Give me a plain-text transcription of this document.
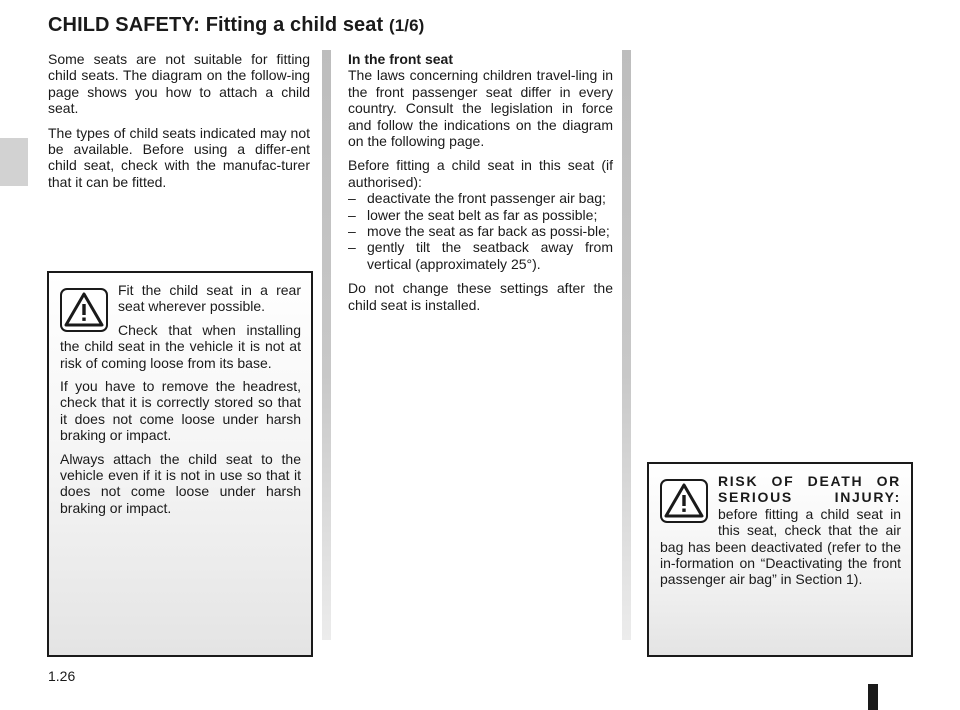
CHILD SAFETY: Fitting a child seat (1/6)

Some seats are not suitable for fitting child seats. The diagram on the follow-ing page shows you how to attach a child seat.

The types of child seats indicated may not be available. Before using a differ-ent child seat, check with the manufac-turer that it can be fitted.

In the front seat

The laws concerning children travel-ling in the front passenger seat differ in every country. Consult the legislation in force and follow the indications on the diagram on the following page.

Before fitting a child seat in this seat (if authorised):

– deactivate the front passenger air bag;
– lower the seat belt as far as possible;
– move the seat as far back as possi-ble;
– gently tilt the seatback away from vertical (approximately 25°).

Do not change these settings after the child seat is installed.

Fit the child seat in a rear seat wherever possible.

Check that when installing the child seat in the vehicle it is not at risk of coming loose from its base.

If you have to remove the headrest, check that it is correctly stored so that it does not come loose under harsh braking or impact.

Always attach the child seat to the vehicle even if it is not in use so that it does not come loose under harsh braking or impact.

RISK OF DEATH OR SERIOUS INJURY: before fitting a child seat in this seat, check that the air bag has been deactivated (refer to the in-formation on “Deactivating the front passenger air bag” in Section 1).

1.26
